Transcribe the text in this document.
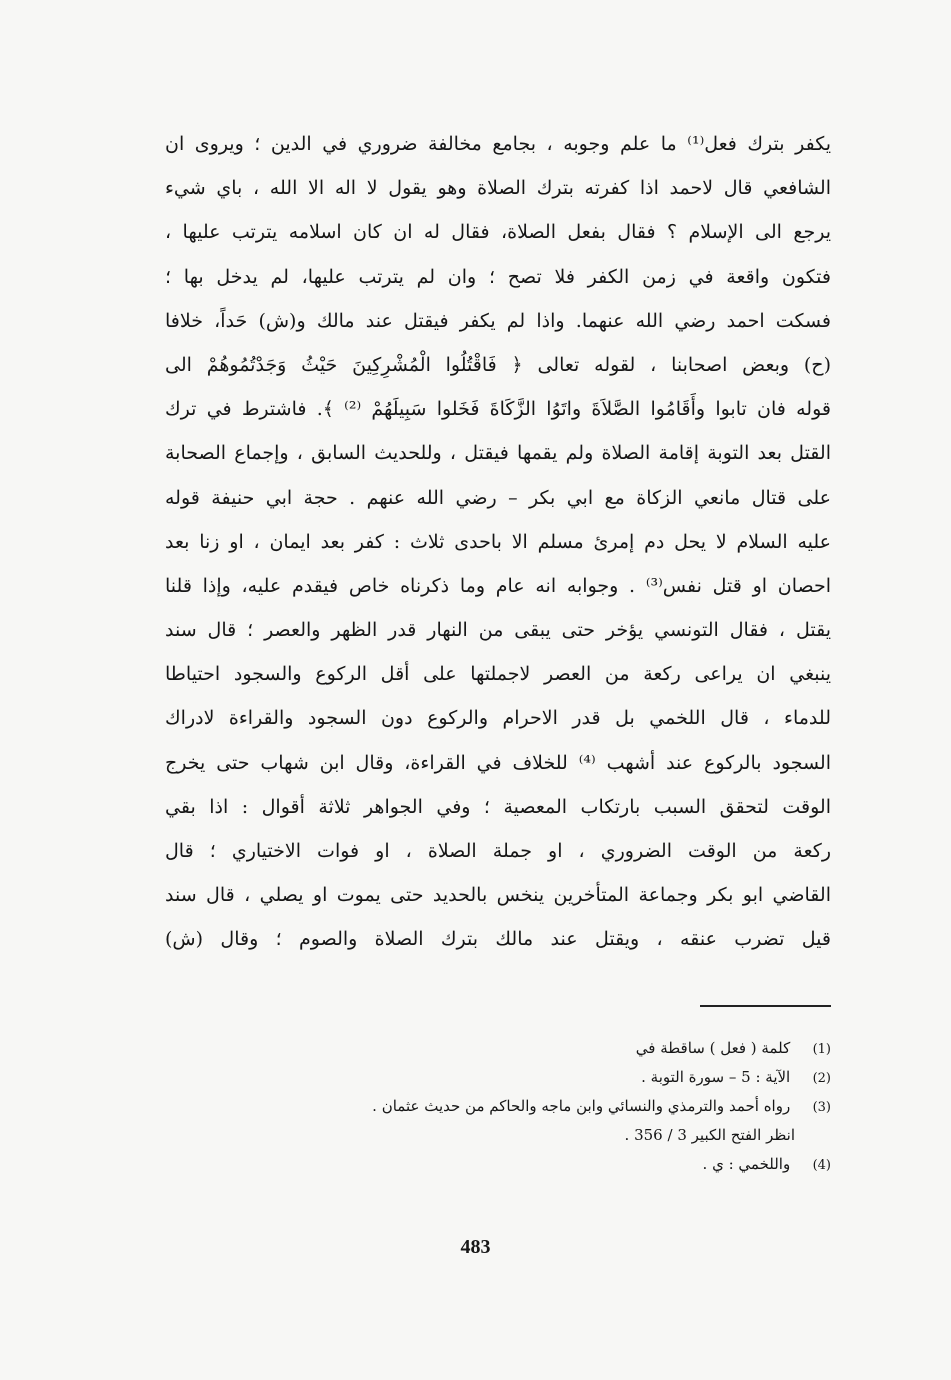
يكفر بترك فعل⁽¹⁾ ما علم وجوبه ، بجامع مخالفة ضروري في الدين ؛ ويروى ان
الشافعي قال لاحمد اذا كفرته بترك الصلاة وهو يقول لا اله الا الله ، باي شيء
يرجع الى الإسلام ؟ فقال بفعل الصلاة، فقال له ان كان اسلامه يترتب عليها ،
فتكون واقعة في زمن الكفر فلا تصح ؛ وان لم يترتب عليها، لم يدخل بها ؛
فسكت احمد رضي الله عنهما. واذا لم يكفر فيقتل عند مالك و(ش) حَداً، خلافا
(ح) وبعض اصحابنا ، لقوله تعالى ﴿ فَاقْتُلُوا الْمُشْرِكِينَ حَيْثُ وَجَدْتُمُوهُمْ الى
قوله فان تابوا وأَقَامُوا الصَّلاَةَ واتَوُا الزَّكَاةَ فَخَلوا سَبِيلَهُمْ ⁽²⁾ ﴾. فاشترط في ترك
القتل بعد التوبة إقامة الصلاة ولم يقمها فيقتل ، وللحديث السابق ، وإجماع الصحابة
على قتال مانعي الزكاة مع ابي بكر – رضي الله عنهم . حجة ابي حنيفة قوله
عليه السلام لا يحل دم إمرئ مسلم الا باحدى ثلاث : كفر بعد ايمان ، او زنا بعد
احصان او قتل نفس⁽³⁾ . وجوابه انه عام وما ذكرناه خاص فيقدم عليه، وإذا قلنا
يقتل ، فقال التونسي يؤخر حتى يبقى من النهار قدر الظهر والعصر ؛ قال سند
ينبغي ان يراعى ركعة من العصر لاجملتها على أقل الركوع والسجود احتياطا
للدماء ، قال اللخمي بل قدر الاحرام والركوع دون السجود والقراءة لادراك
السجود بالركوع عند أشهب ⁽⁴⁾ للخلاف في القراءة، وقال ابن شهاب حتى يخرج
الوقت لتحقق السبب بارتكاب المعصية ؛ وفي الجواهر ثلاثة أقوال : اذا بقي
ركعة من الوقت الضروري ، او جملة الصلاة ، او فوات الاختياري ؛ قال
القاضي ابو بكر وجماعة المتأخرين ينخس بالحديد حتى يموت او يصلي ، قال سند
قيل تضرب عنقه ، ويقتل عند مالك بترك الصلاة والصوم ؛ وقال (ش)
(1) كلمة ( فعل ) ساقطة في
(2) الآية : 5 – سورة التوبة .
(3) رواه أحمد والترمذي والنسائي وابن ماجه والحاكم من حديث عثمان .
انظر الفتح الكبير 3 / 356 .
(4) واللخمي : ي .
483
